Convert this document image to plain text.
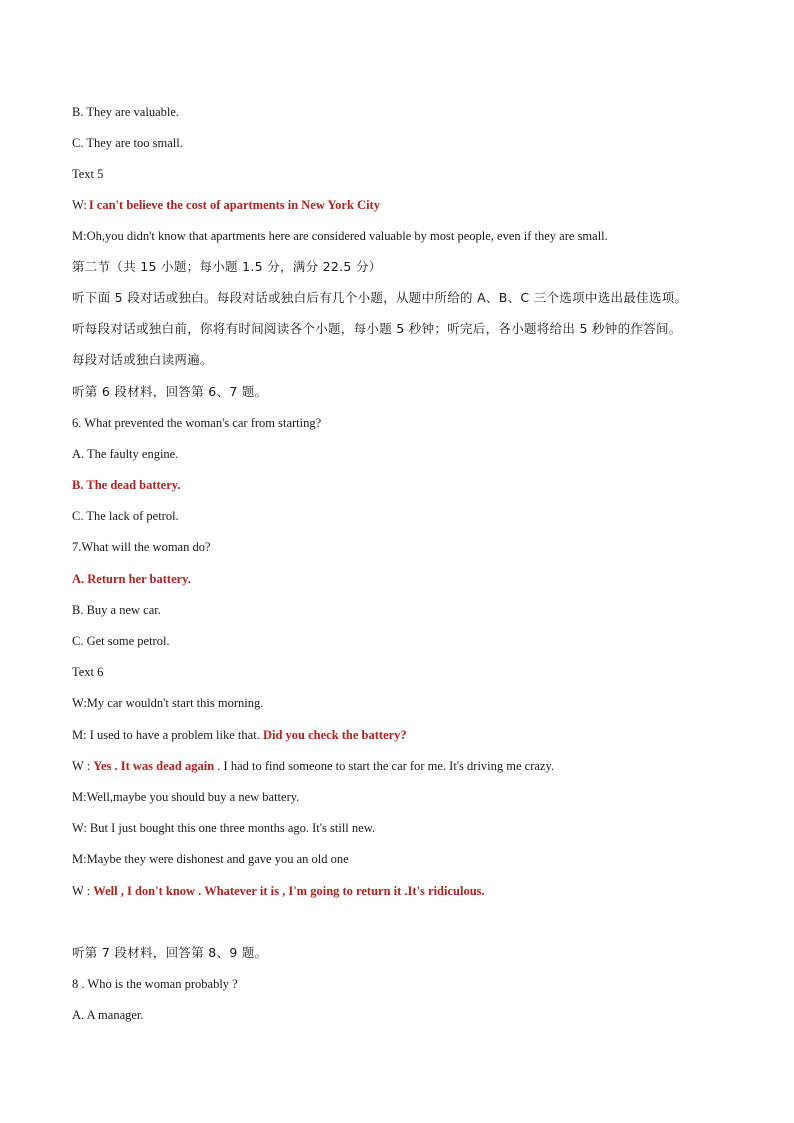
B. They are valuable.
C. They are too small.
Text 5
W: I can't believe the cost of apartments in New York City
M:Oh,you didn't know that apartments here are considered valuable by most people, even if they are small.
第二节（共 15 小题；每小题 1.5 分，满分 22.5 分）
听下面 5 段对话或独白。每段对话或独白后有几个小题，从题中所给的 A、B、C 三个选项中选出最佳选项。
听每段对话或独白前，你将有时间阅读各个小题，每小题 5 秒钟；听完后，各小题将给出 5 秒钟的作答间。
每段对话或独白读两遍。
听第 6 段材料，回答第 6、7 题。
6. What prevented the woman's car from starting?
A. The faulty engine.
B. The dead battery.
C. The lack of petrol.
7.What will the woman do?
A. Return her battery.
B. Buy a new car.
C. Get some petrol.
Text 6
W:My car wouldn't start this morning.
M: I used to have a problem like that. Did you check the battery?
W : Yes . It was dead again . I had to find someone to start the car for me. It's driving me crazy.
M:Well,maybe you should buy a new battery.
W: But I just bought this one three months ago. It's still new.
M:Maybe they were dishonest and gave you an old one
W : Well , I don't know . Whatever it is , I'm going to return it .It's ridiculous.
听第 7 段材料，回答第 8、9 题。
8 . Who is the woman probably ?
A. A manager.
